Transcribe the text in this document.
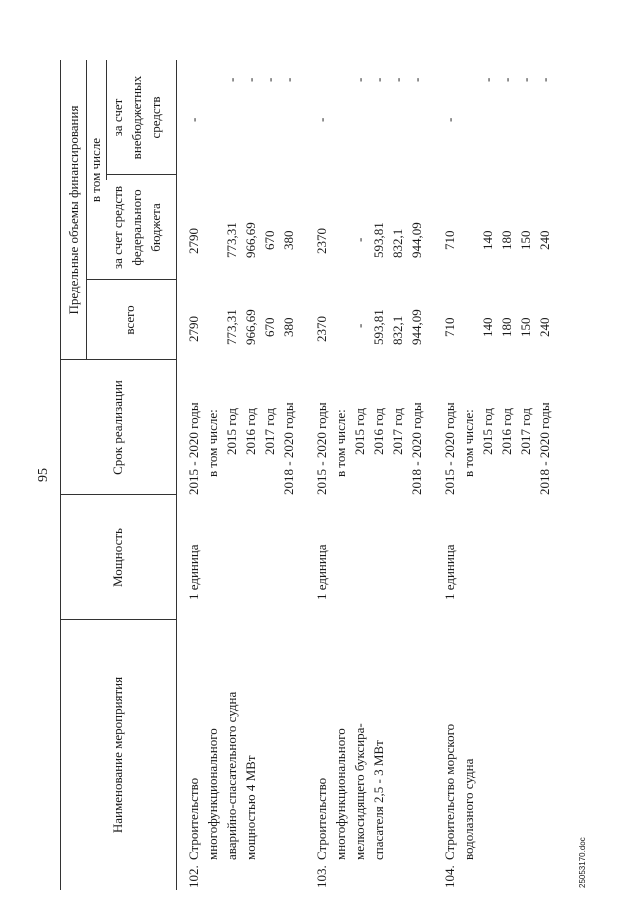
95
25053170.doc
Наименование мероприятия
Мощность
Срок реализации
Предельные объемы финансирования
всего
в том числе
за счет средств федерального бюджета
за счет внебюджетных средств
102.
Строительство многофункционального аварийно-спасательного судна мощностью 4 МВт
1 единица
2015 - 2020 годы в том числе: 2015 год 2016 год 2017 год 2018 - 2020 годы
2790 773,31 966,69 670 380
2790 773,31 966,69 670 380
-
- - - -
103.
Строительство многофункционального мелкосидящего буксира- спасателя 2,5 - 3 МВт
1 единица
2015 - 2020 годы в том числе: 2015 год 2016 год 2017 год 2018 - 2020 годы
2370 - 593,81 832,1 944,09
2370 - 593,81 832,1 944,09
-
- - - -
104.
Строительство морского водолазного судна
1 единица
2015 - 2020 годы в том числе: 2015 год 2016 год 2017 год 2018 - 2020 годы
710 140 180 150 240
710 140 180 150 240
-
- - - -
